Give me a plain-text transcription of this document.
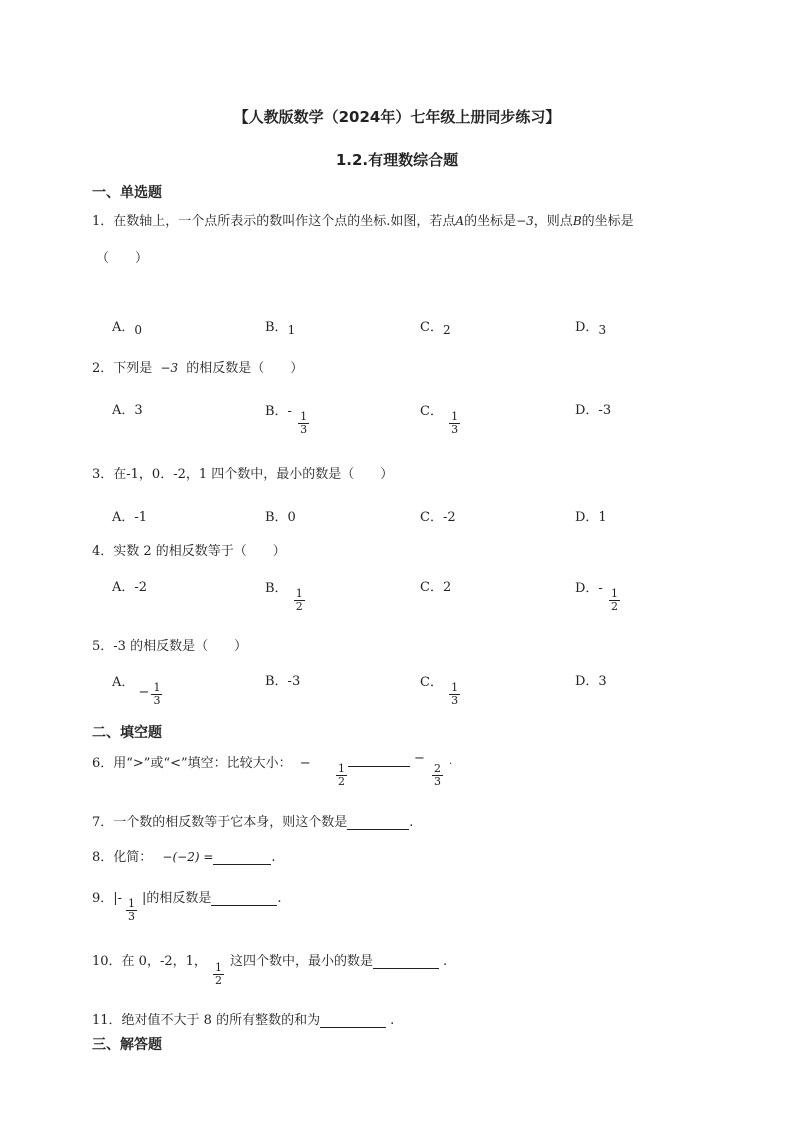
【人教版数学（2024年）七年级上册同步练习】
1.2.有理数综合题
一、单选题
1．在数轴上，一个点所表示的数叫作这个点的坐标.如图，若点A的坐标是−3，则点B的坐标是
（　　）
A．0	B．1	C．2	D．3
2．下列是 −3 的相反数是（　　）
A．3	B．- $\frac{1}{3}$	C． $\frac{1}{3}$
D．-3
3．在-1，0．-2，1 四个数中，最小的数是（　　）
A．-1	B．0	C．-2	D．1
4．实数 2 的相反数等于（　　）
A．-2	B． $\frac{1}{2}$
C．2	D．- $\frac{1}{2}$
5．-3 的相反数是（　　）
A． − $\frac{1}{3}$
B．-3	C． $\frac{1}{3}$
D．3
二、填空题
6．用“>”或“<”填空：比较大小： − $\frac{1}{2}$
−
$\frac{2}{3}$
.
7．一个数的相反数等于它本身，则这个数是	.
8．化简： −(−2) =	.
9．|- $\frac{1}{3}$ |的相反数是	.
10．在 0，-2，1，
$\frac{1}{2}$
这四个数中，最小的数是	.
11．绝对值不大于 8 的所有整数的和为	.
三、解答题
